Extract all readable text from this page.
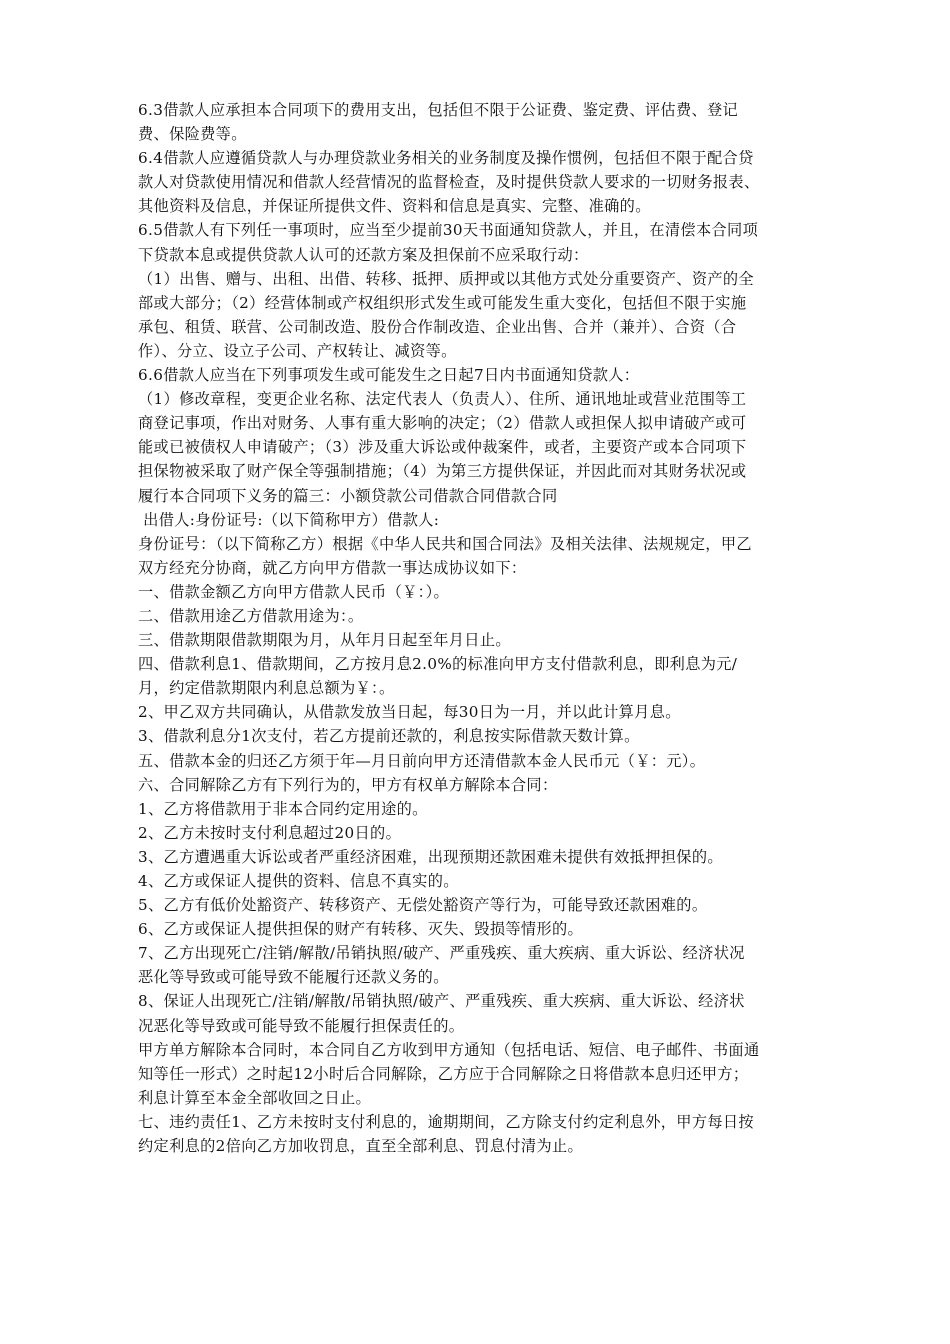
6.3借款人应承担本合同项下的费用支出，包括但不限于公证费、鉴定费、评估费、登记
费、保险费等。
6.4借款人应遵循贷款人与办理贷款业务相关的业务制度及操作惯例，包括但不限于配合贷
款人对贷款使用情况和借款人经营情况的监督检查，及时提供贷款人要求的一切财务报表、
其他资料及信息，并保证所提供文件、资料和信息是真实、完整、准确的。
6.5借款人有下列任一事项时，应当至少提前30天书面通知贷款人，并且，在清偿本合同项
下贷款本息或提供贷款人认可的还款方案及担保前不应采取行动：
（1）出售、赠与、出租、出借、转移、抵押、质押或以其他方式处分重要资产、资产的全
部或大部分；（2）经营体制或产权组织形式发生或可能发生重大变化，包括但不限于实施
承包、租赁、联营、公司制改造、股份合作制改造、企业出售、合并（兼并）、合资（合
作）、分立、设立子公司、产权转让、减资等。
6.6借款人应当在下列事项发生或可能发生之日起7日内书面通知贷款人：
（1）修改章程，变更企业名称、法定代表人（负责人）、住所、通讯地址或营业范围等工
商登记事项，作出对财务、人事有重大影响的决定；（2）借款人或担保人拟申请破产或可
能或已被债权人申请破产；（3）涉及重大诉讼或仲裁案件，或者，主要资产或本合同项下
担保物被采取了财产保全等强制措施；（4）为第三方提供保证，并因此而对其财务状况或
履行本合同项下义务的篇三：小额贷款公司借款合同借款合同
出借人:身份证号:（以下简称甲方）借款人:
身份证号：（以下简称乙方）根据《中华人民共和国合同法》及相关法律、法规规定，甲乙
双方经充分协商，就乙方向甲方借款一事达成协议如下：
一、借款金额乙方向甲方借款人民币（￥：）。
二、借款用途乙方借款用途为：。
三、借款期限借款期限为月，从年月日起至年月日止。
四、借款利息1、借款期间，乙方按月息2.0%的标准向甲方支付借款利息，即利息为元/
月，约定借款期限内利息总额为￥：。
2、甲乙双方共同确认，从借款发放当日起，每30日为一月，并以此计算月息。
3、借款利息分1次支付，若乙方提前还款的，利息按实际借款天数计算。
五、借款本金的归还乙方须于年—月日前向甲方还清借款本金人民币元（￥：元）。
六、合同解除乙方有下列行为的，甲方有权单方解除本合同：
1、乙方将借款用于非本合同约定用途的。
2、乙方未按时支付利息超过20日的。
3、乙方遭遇重大诉讼或者严重经济困难，出现预期还款困难未提供有效抵押担保的。
4、乙方或保证人提供的资料、信息不真实的。
5、乙方有低价处豁资产、转移资产、无偿处豁资产等行为，可能导致还款困难的。
6、乙方或保证人提供担保的财产有转移、灭失、毁损等情形的。
7、乙方出现死亡/注销/解散/吊销执照/破产、严重残疾、重大疾病、重大诉讼、经济状况
恶化等导致或可能导致不能履行还款义务的。
8、保证人出现死亡/注销/解散/吊销执照/破产、严重残疾、重大疾病、重大诉讼、经济状
况恶化等导致或可能导致不能履行担保责任的。
甲方单方解除本合同时，本合同自乙方收到甲方通知（包括电话、短信、电子邮件、书面通
知等任一形式）之时起12小时后合同解除，乙方应于合同解除之日将借款本息归还甲方；
利息计算至本金全部收回之日止。
七、违约责任1、乙方未按时支付利息的，逾期期间，乙方除支付约定利息外，甲方每日按
约定利息的2倍向乙方加收罚息，直至全部利息、罚息付清为止。
